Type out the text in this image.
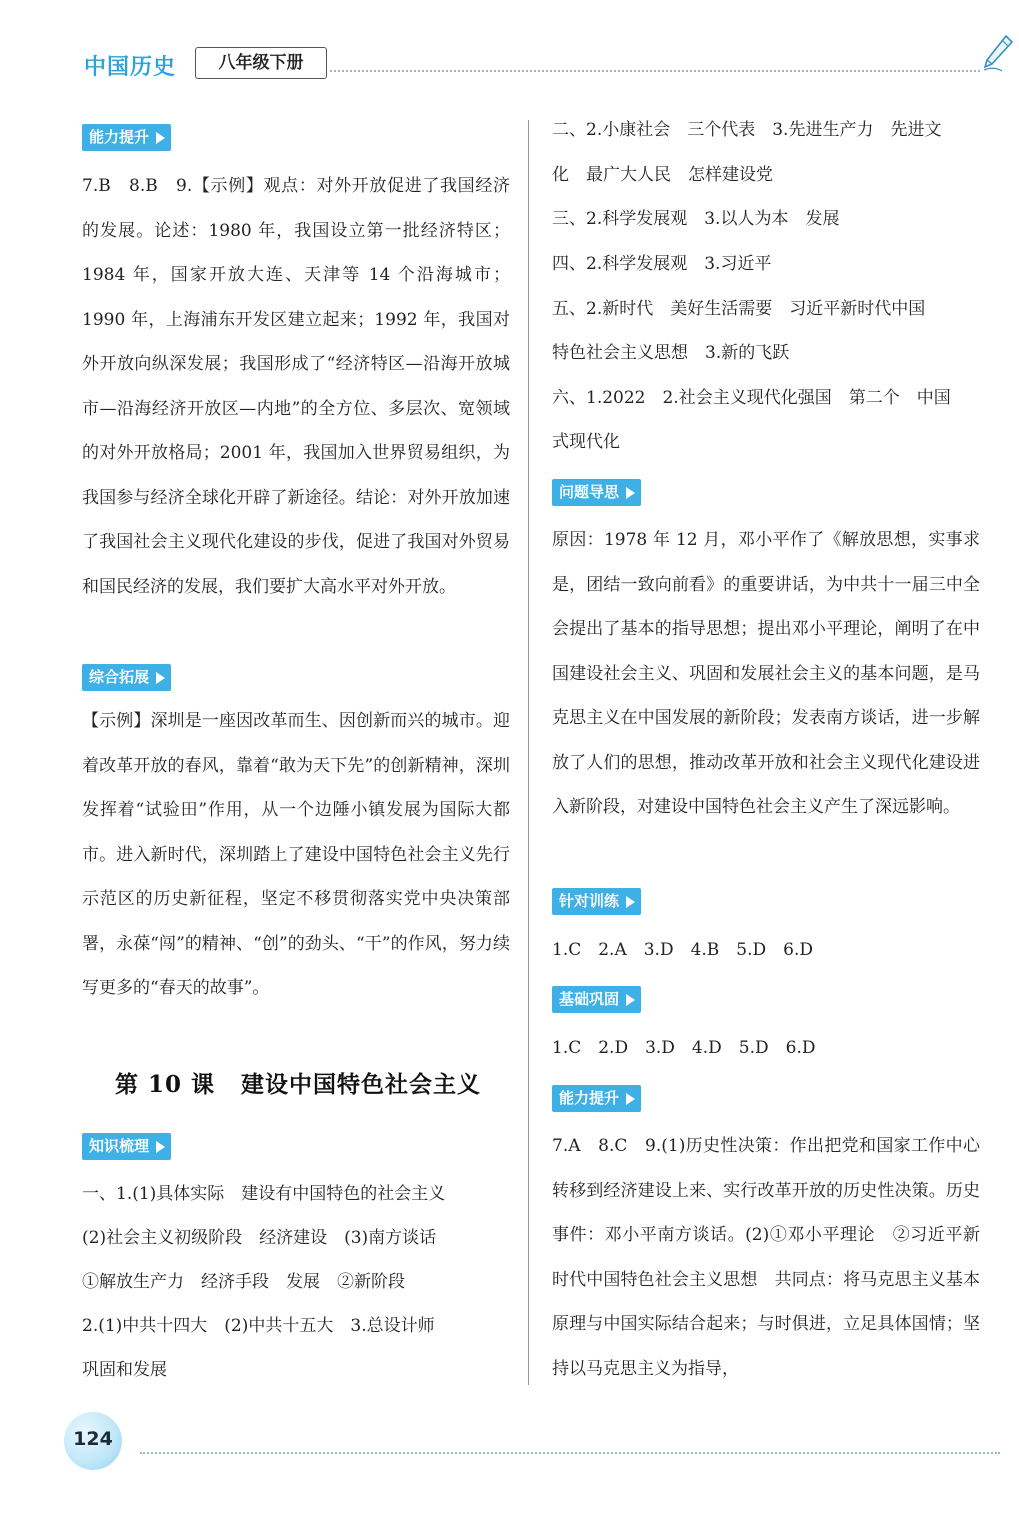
中国历史	八年级下册
能力提升

7.B　8.B　9.【示例】观点：对外开放促进了我国经济的发展。论述：1980 年，我国设立第一批经济特区；1984 年，国家开放大连、天津等 14 个沿海城市；1990 年，上海浦东开发区建立起来；1992 年，我国对外开放向纵深发展；我国形成了“经济特区—沿海开放城市—沿海经济开放区—内地”的全方位、多层次、宽领域的对外开放格局；2001 年，我国加入世界贸易组织，为我国参与经济全球化开辟了新途径。结论：对外开放加速了我国社会主义现代化建设的步伐，促进了我国对外贸易和国民经济的发展，我们要扩大高水平对外开放。

综合拓展

【示例】深圳是一座因改革而生、因创新而兴的城市。迎着改革开放的春风，靠着“敢为天下先”的创新精神，深圳发挥着“试验田”作用，从一个边陲小镇发展为国际大都市。进入新时代，深圳踏上了建设中国特色社会主义先行示范区的历史新征程，坚定不移贯彻落实党中央决策部署，永葆“闯”的精神、“创”的劲头、“干”的作风，努力续写更多的“春天的故事”。

知识梳理

一、1.(1)具体实际　建设有中国特色的社会主义

(2)社会主义初级阶段　经济建设　(3)南方谈话

①解放生产力　经济手段　发展　②新阶段

2.(1)中共十四大　(2)中共十五大　3.总设计师

巩固和发展

第 10 课 建设中国特色社会主义

二、2.小康社会　三个代表　3.先进生产力　先进文

化　最广大人民　怎样建设党

三、2.科学发展观　3.以人为本　发展

四、2.科学发展观　3.习近平

五、2.新时代　美好生活需要　习近平新时代中国

特色社会主义思想　3.新的飞跃

六、1.2022　2.社会主义现代化强国　第二个　中国

式现代化

问题导思

原因：1978 年 12 月，邓小平作了《解放思想，实事求是，团结一致向前看》的重要讲话，为中共十一届三中全会提出了基本的指导思想；提出邓小平理论，阐明了在中国建设社会主义、巩固和发展社会主义的基本问题，是马克思主义在中国发展的新阶段；发表南方谈话，进一步解放了人们的思想，推动改革开放和社会主义现代化建设进入新阶段，对建设中国特色社会主义产生了深远影响。

针对训练

1.C　2.A　3.D　4.B　5.D　6.D

基础巩固

1.C　2.D　3.D　4.D　5.D　6.D

能力提升

7.A　8.C　9.(1)历史性决策：作出把党和国家工作中心转移到经济建设上来、实行改革开放的历史性决策。历史事件：邓小平南方谈话。(2)①邓小平理论　②习近平新时代中国特色社会主义思想　共同点：将马克思主义基本原理与中国实际结合起来；与时俱进，立足具体国情；坚持以马克思主义为指导，

124
